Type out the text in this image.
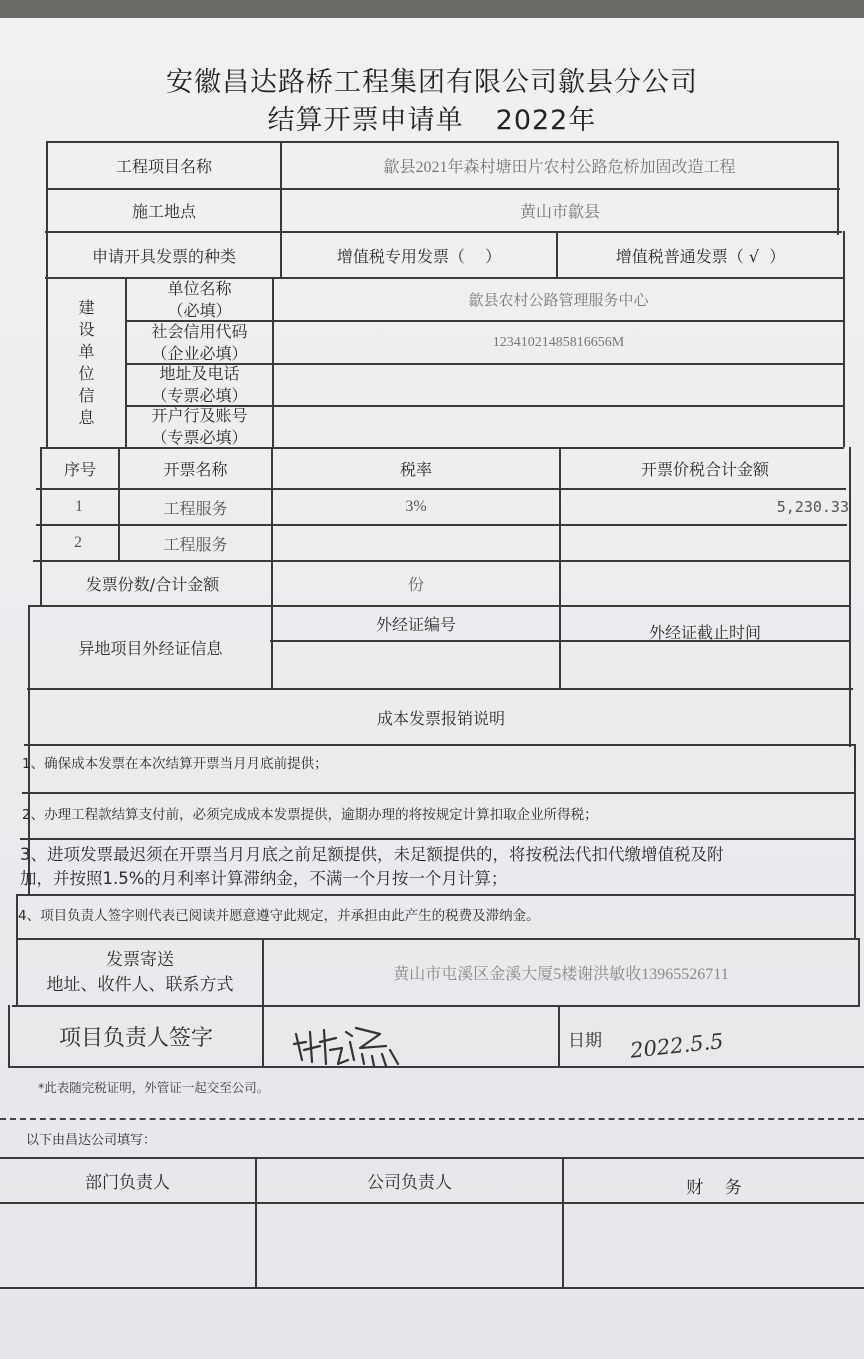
安徽昌达路桥工程集团有限公司歙县分公司
结算开票申请单 2022年
工程项目名称	歙县2021年森村塘田片农村公路危桥加固改造工程
施工地点	黄山市歙县
申请开具发票的种类	增值税专用发票（    ）	增值税普通发票（ √  ）
建
设
单
位
信
息
单位名称
（必填）	歙县农村公路管理服务中心
社会信用代码
（企业必填）
12341021485816656M
地址及电话
（专票必填）
开户行及账号
（专票必填）
序号	开票名称	税率	开票价税合计金额
1	工程服务	3%	5,230.33
2	工程服务
发票份数/合计金额	份
异地项目外经证信息
外经证编号	外经证截止时间
成本发票报销说明
1、确保成本发票在本次结算开票当月月底前提供；
2、办理工程款结算支付前，必须完成成本发票提供，逾期办理的将按规定计算扣取企业所得税；
3、进项发票最迟须在开票当月月底之前足额提供，未足额提供的，将按税法代扣代缴增值税及附
加，并按照1.5%的月利率计算滞纳金，不满一个月按一个月计算；
4、项目负责人签字则代表已阅读并愿意遵守此规定，并承担由此产生的税费及滞纳金。
发票寄送
地址、收件人、联系方式	黄山市屯溪区金溪大厦5楼谢洪敏收13965526711
项目负责人签字	日期 2022.5.5
*此表随完税证明，外管证一起交至公司。
以下由昌达公司填写：
部门负责人	公司负责人	财    务
